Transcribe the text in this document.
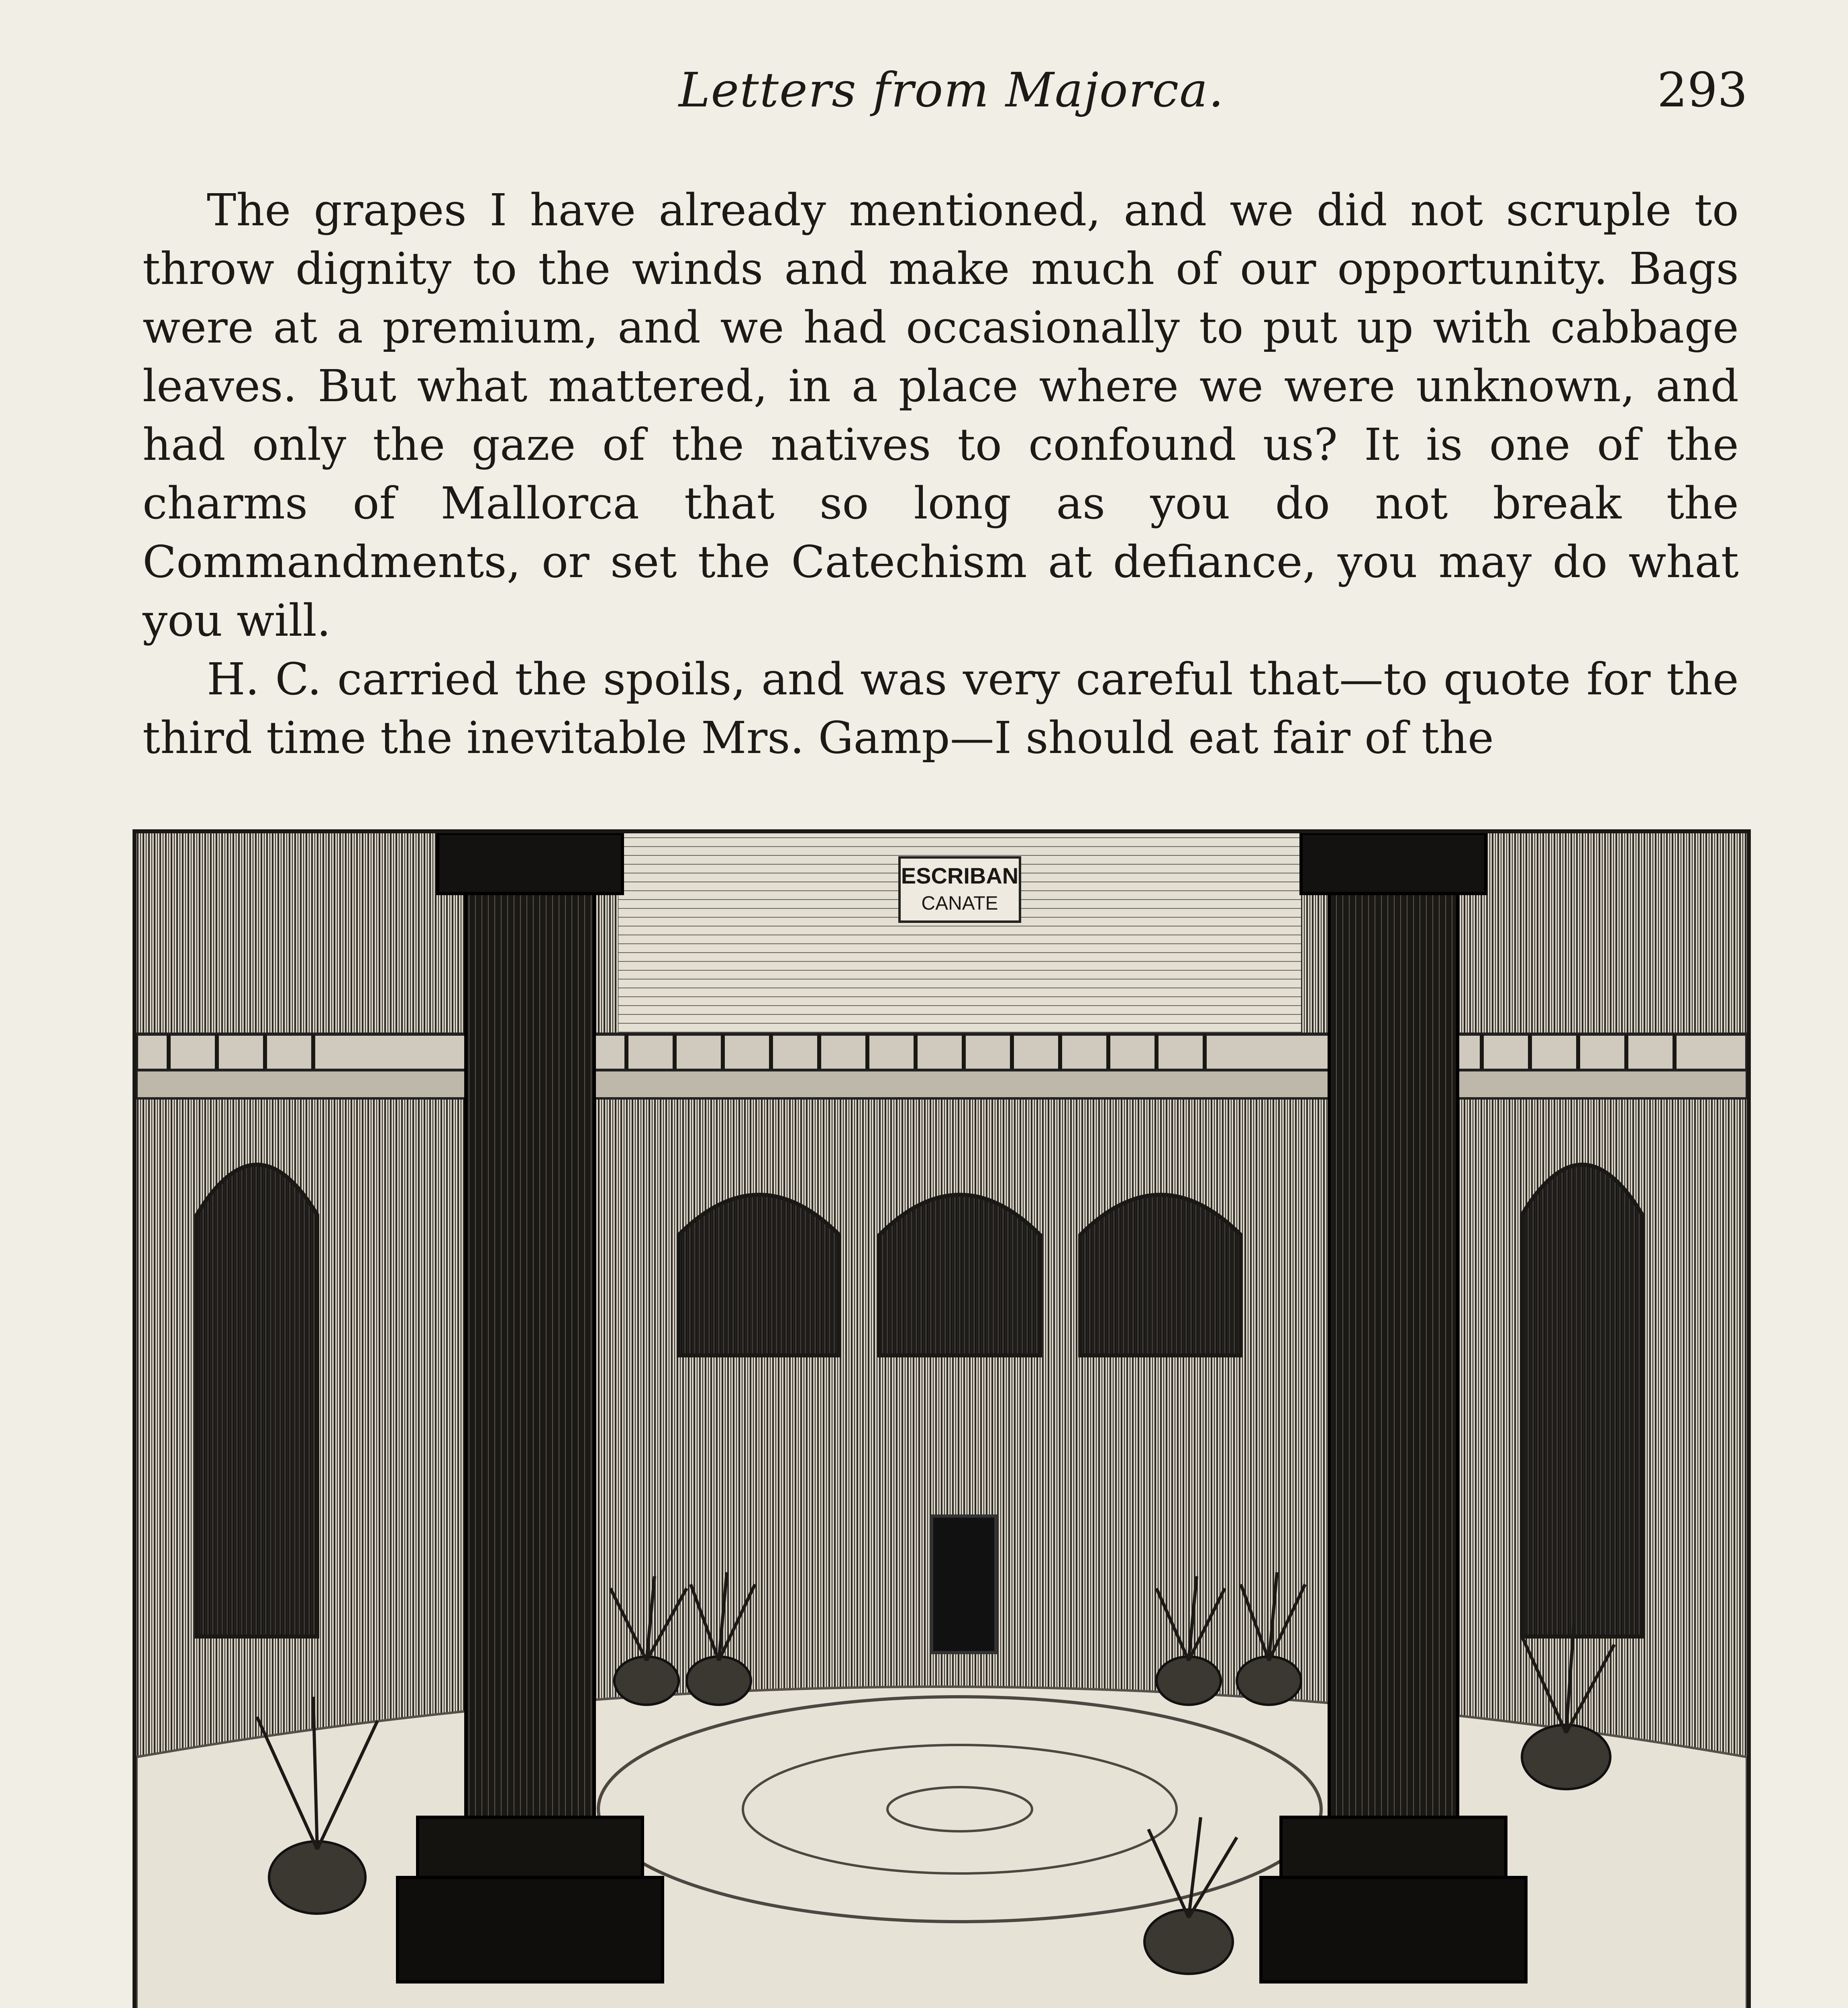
Letters from Majorca.	293

The grapes I have already mentioned, and we did not scruple to throw dignity to the winds and make much of our opportunity. Bags were at a premium, and we had occasionally to put up with cabbage leaves. But what mattered, in a place where we were unknown, and had only the gaze of the natives to confound us? It is one of the charms of Mallorca that so long as you do not break the Commandments, or set the Catechism at defiance, you may do what you will.

H. C. carried the spoils, and was very careful that—to quote for the third time the inevitable Mrs. Gamp—I should eat fair of the

ESCRIBAN
CANATE
